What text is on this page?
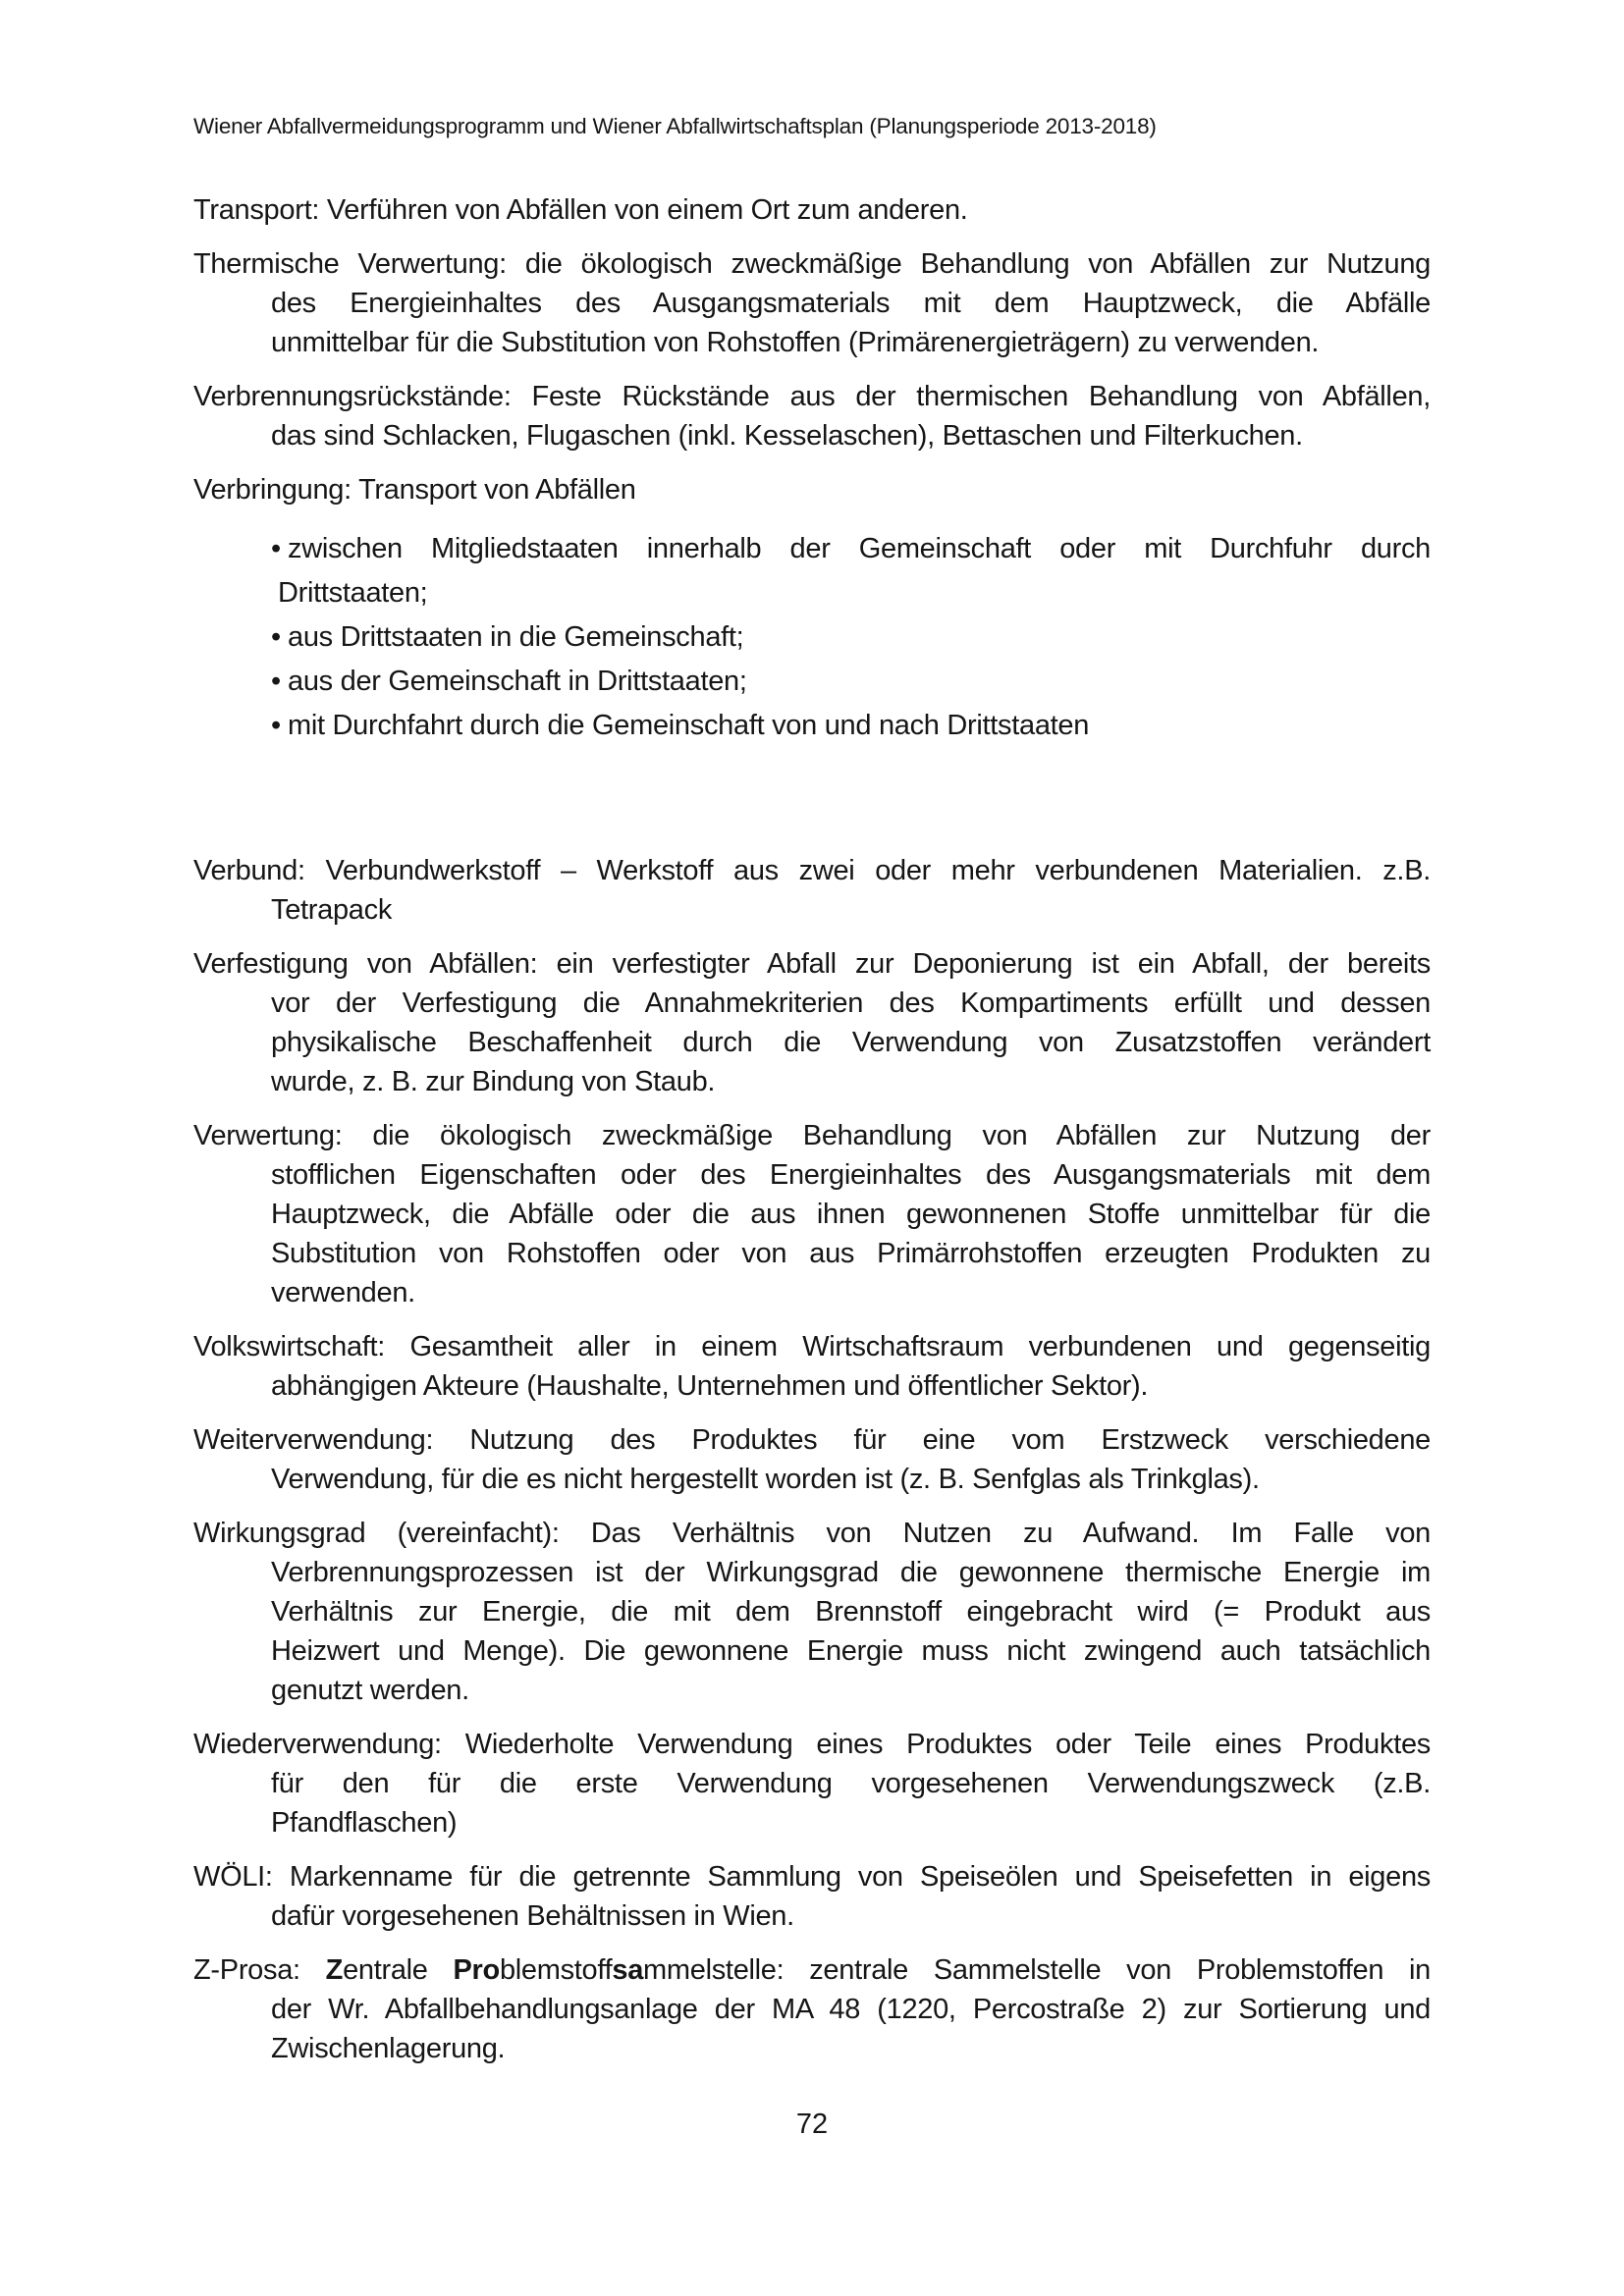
Wiener Abfallvermeidungsprogramm und Wiener Abfallwirtschaftsplan (Planungsperiode 2013-2018)
Transport: Verführen von Abfällen von einem Ort zum anderen.
Thermische Verwertung: die ökologisch zweckmäßige Behandlung von Abfällen zur Nutzung
des Energieinhaltes des Ausgangsmaterials mit dem Hauptzweck, die Abfälle
unmittelbar für die Substitution von Rohstoffen (Primärenergieträgern) zu verwenden.
Verbrennungsrückstände: Feste Rückstände aus der thermischen Behandlung von Abfällen,
das sind Schlacken, Flugaschen (inkl. Kesselaschen), Bettaschen und Filterkuchen.
Verbringung: Transport von Abfällen
• zwischen Mitgliedstaaten innerhalb der Gemeinschaft oder mit Durchfuhr durch
Drittstaaten;
• aus Drittstaaten in die Gemeinschaft;
• aus der Gemeinschaft in Drittstaaten;
• mit Durchfahrt durch die Gemeinschaft von und nach Drittstaaten
Verbund: Verbundwerkstoff – Werkstoff aus zwei oder mehr verbundenen Materialien. z.B.
Tetrapack
Verfestigung von Abfällen: ein verfestigter Abfall zur Deponierung ist ein Abfall, der bereits
vor der Verfestigung die Annahmekriterien des Kompartiments erfüllt und dessen
physikalische Beschaffenheit durch die Verwendung von Zusatzstoffen verändert
wurde, z. B. zur Bindung von Staub.
Verwertung: die ökologisch zweckmäßige Behandlung von Abfällen zur Nutzung der
stofflichen Eigenschaften oder des Energieinhaltes des Ausgangsmaterials mit dem
Hauptzweck, die Abfälle oder die aus ihnen gewonnenen Stoffe unmittelbar für die
Substitution von Rohstoffen oder von aus Primärrohstoffen erzeugten Produkten zu
verwenden.
Volkswirtschaft: Gesamtheit aller in einem Wirtschaftsraum verbundenen und gegenseitig
abhängigen Akteure (Haushalte, Unternehmen und öffentlicher Sektor).
Weiterverwendung: Nutzung des Produktes für eine vom Erstzweck verschiedene
Verwendung, für die es nicht hergestellt worden ist (z. B. Senfglas als Trinkglas).
Wirkungsgrad (vereinfacht): Das Verhältnis von Nutzen zu Aufwand. Im Falle von
Verbrennungsprozessen ist der Wirkungsgrad die gewonnene thermische Energie im
Verhältnis zur Energie, die mit dem Brennstoff eingebracht wird (= Produkt aus
Heizwert und Menge). Die gewonnene Energie muss nicht zwingend auch tatsächlich
genutzt werden.
Wiederverwendung: Wiederholte Verwendung eines Produktes oder Teile eines Produktes
für den für die erste Verwendung vorgesehenen Verwendungszweck (z.B.
Pfandflaschen)
WÖLI: Markenname für die getrennte Sammlung von Speiseölen und Speisefetten in eigens
dafür vorgesehenen Behältnissen in Wien.
Z-Prosa: Zentrale Problemstoffsammelstelle: zentrale Sammelstelle von Problemstoffen in
der Wr. Abfallbehandlungsanlage der MA 48 (1220, Percostraße 2) zur Sortierung und
Zwischenlagerung.
72
